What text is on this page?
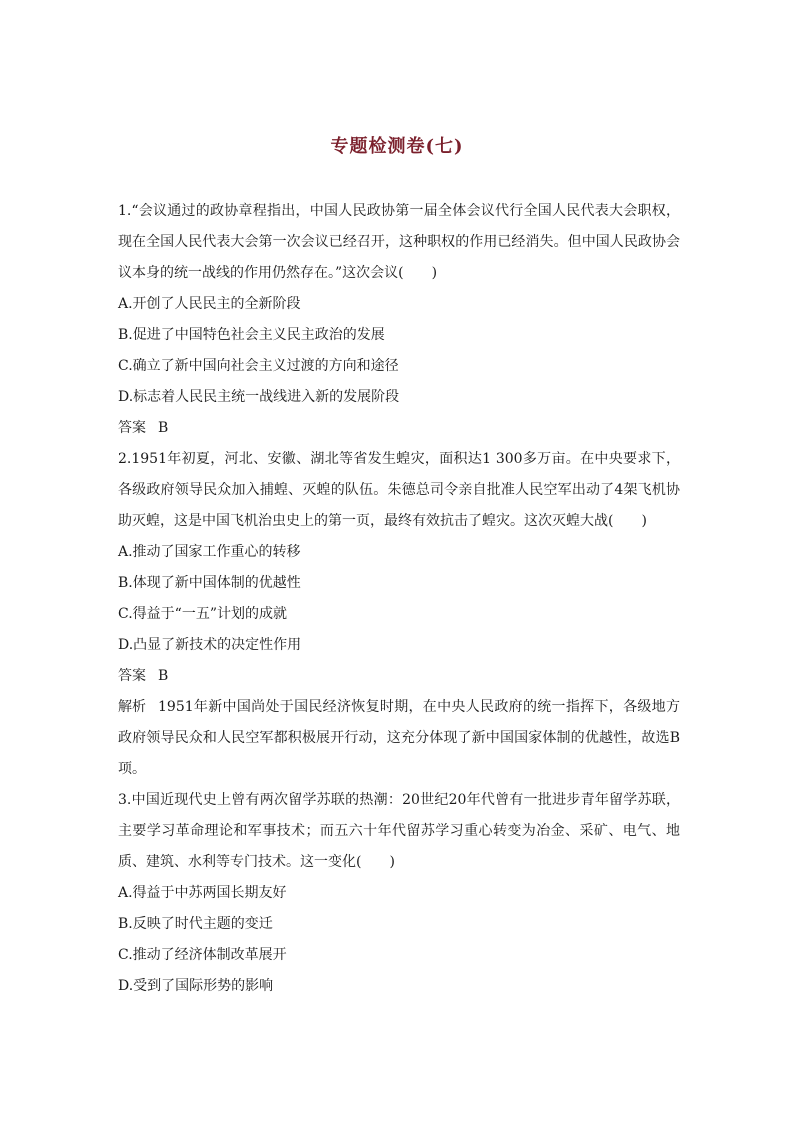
专题检测卷(七)

1.“会议通过的政协章程指出，中国人民政协第一届全体会议代行全国人民代表大会职权，现在全国人民代表大会第一次会议已经召开，这种职权的作用已经消失。但中国人民政协会议本身的统一战线的作用仍然存在。”这次会议(　　)

A.开创了人民民主的全新阶段

B.促进了中国特色社会主义民主政治的发展

C.确立了新中国向社会主义过渡的方向和途径

D.标志着人民民主统一战线进入新的发展阶段

答案 B

2.1951年初夏，河北、安徽、湖北等省发生蝗灾，面积达1 300多万亩。在中央要求下，各级政府领导民众加入捕蝗、灭蝗的队伍。朱德总司令亲自批准人民空军出动了4架飞机协助灭蝗，这是中国飞机治虫史上的第一页，最终有效抗击了蝗灾。这次灭蝗大战(　　)

A.推动了国家工作重心的转移

B.体现了新中国体制的优越性

C.得益于“一五”计划的成就

D.凸显了新技术的决定性作用

答案 B

解析 1951年新中国尚处于国民经济恢复时期，在中央人民政府的统一指挥下，各级地方政府领导民众和人民空军都积极展开行动，这充分体现了新中国国家体制的优越性，故选B项。

3.中国近现代史上曾有两次留学苏联的热潮：20世纪20年代曾有一批进步青年留学苏联，主要学习革命理论和军事技术；而五六十年代留苏学习重心转变为冶金、采矿、电气、地质、建筑、水利等专门技术。这一变化(　　)

A.得益于中苏两国长期友好

B.反映了时代主题的变迁

C.推动了经济体制改革展开

D.受到了国际形势的影响
